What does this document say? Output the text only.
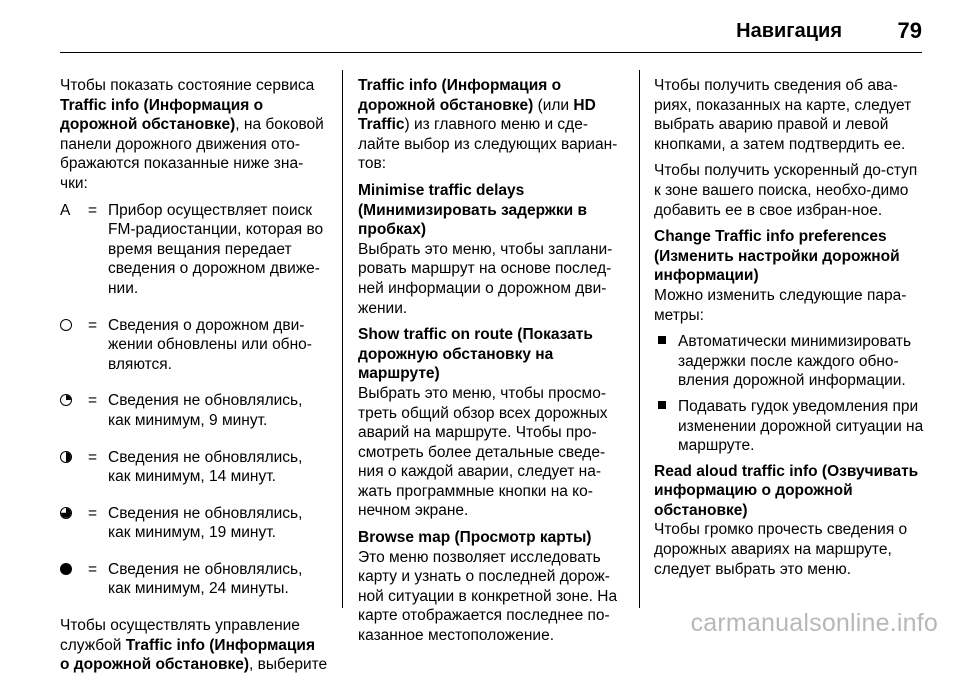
Навигация	79

Чтобы показать состояние сервиса Traffic info (Информация о дорожной обстановке), на боковой панели дорожного движения ото-бражаются показанные ниже зна-чки:

A	= Прибор осуществляет поиск FM-радиостанции, которая во время вещания передает сведения о дорожном движе-нии.
= Сведения о дорожном дви-жении обновлены или обно-вляются.
= Сведения не обновлялись, как минимум, 9 минут.
= Сведения не обновлялись, как минимум, 14 минут.
= Сведения не обновлялись, как минимум, 19 минут.
= Сведения не обновлялись, как минимум, 24 минуты.

Чтобы осуществлять управление службой Traffic info (Информация о дорожной обстановке), выберите

Traffic info (Информация о дорожной обстановке) (или HD Traffic) из главного меню и сде-лайте выбор из следующих вариан-тов:

Minimise traffic delays (Минимизировать задержки в пробках)
Выбрать это меню, чтобы заплани-ровать маршрут на основе послед-ней информации о дорожном дви-жении.

Show traffic on route (Показать дорожную обстановку на маршруте)
Выбрать это меню, чтобы просмо-треть общий обзор всех дорожных аварий на маршруте. Чтобы про-смотреть более детальные сведе-ния о каждой аварии, следует на-жать программные кнопки на ко-нечном экране.

Browse map (Просмотр карты)
Это меню позволяет исследовать карту и узнать о последней дорож-ной ситуации в конкретной зоне. На карте отображается последнее по-казанное местоположение.

Чтобы получить сведения об ава-риях, показанных на карте, следует выбрать аварию правой и левой кнопками, а затем подтвердить ее.

Чтобы получить ускоренный до-ступ к зоне вашего поиска, необхо-димо добавить ее в свое избран-ное.

Change Traffic info preferences (Изменить настройки дорожной информации)
Можно изменить следующие пара-метры:

Автоматически минимизировать задержки после каждого обно-вления дорожной информации.
Подавать гудок уведомления при изменении дорожной ситуации на маршруте.

Read aloud traffic info (Озвучивать информацию о дорожной обстановке)
Чтобы громко прочесть сведения о дорожных авариях на маршруте, следует выбрать это меню.

carmanualsonline.info
